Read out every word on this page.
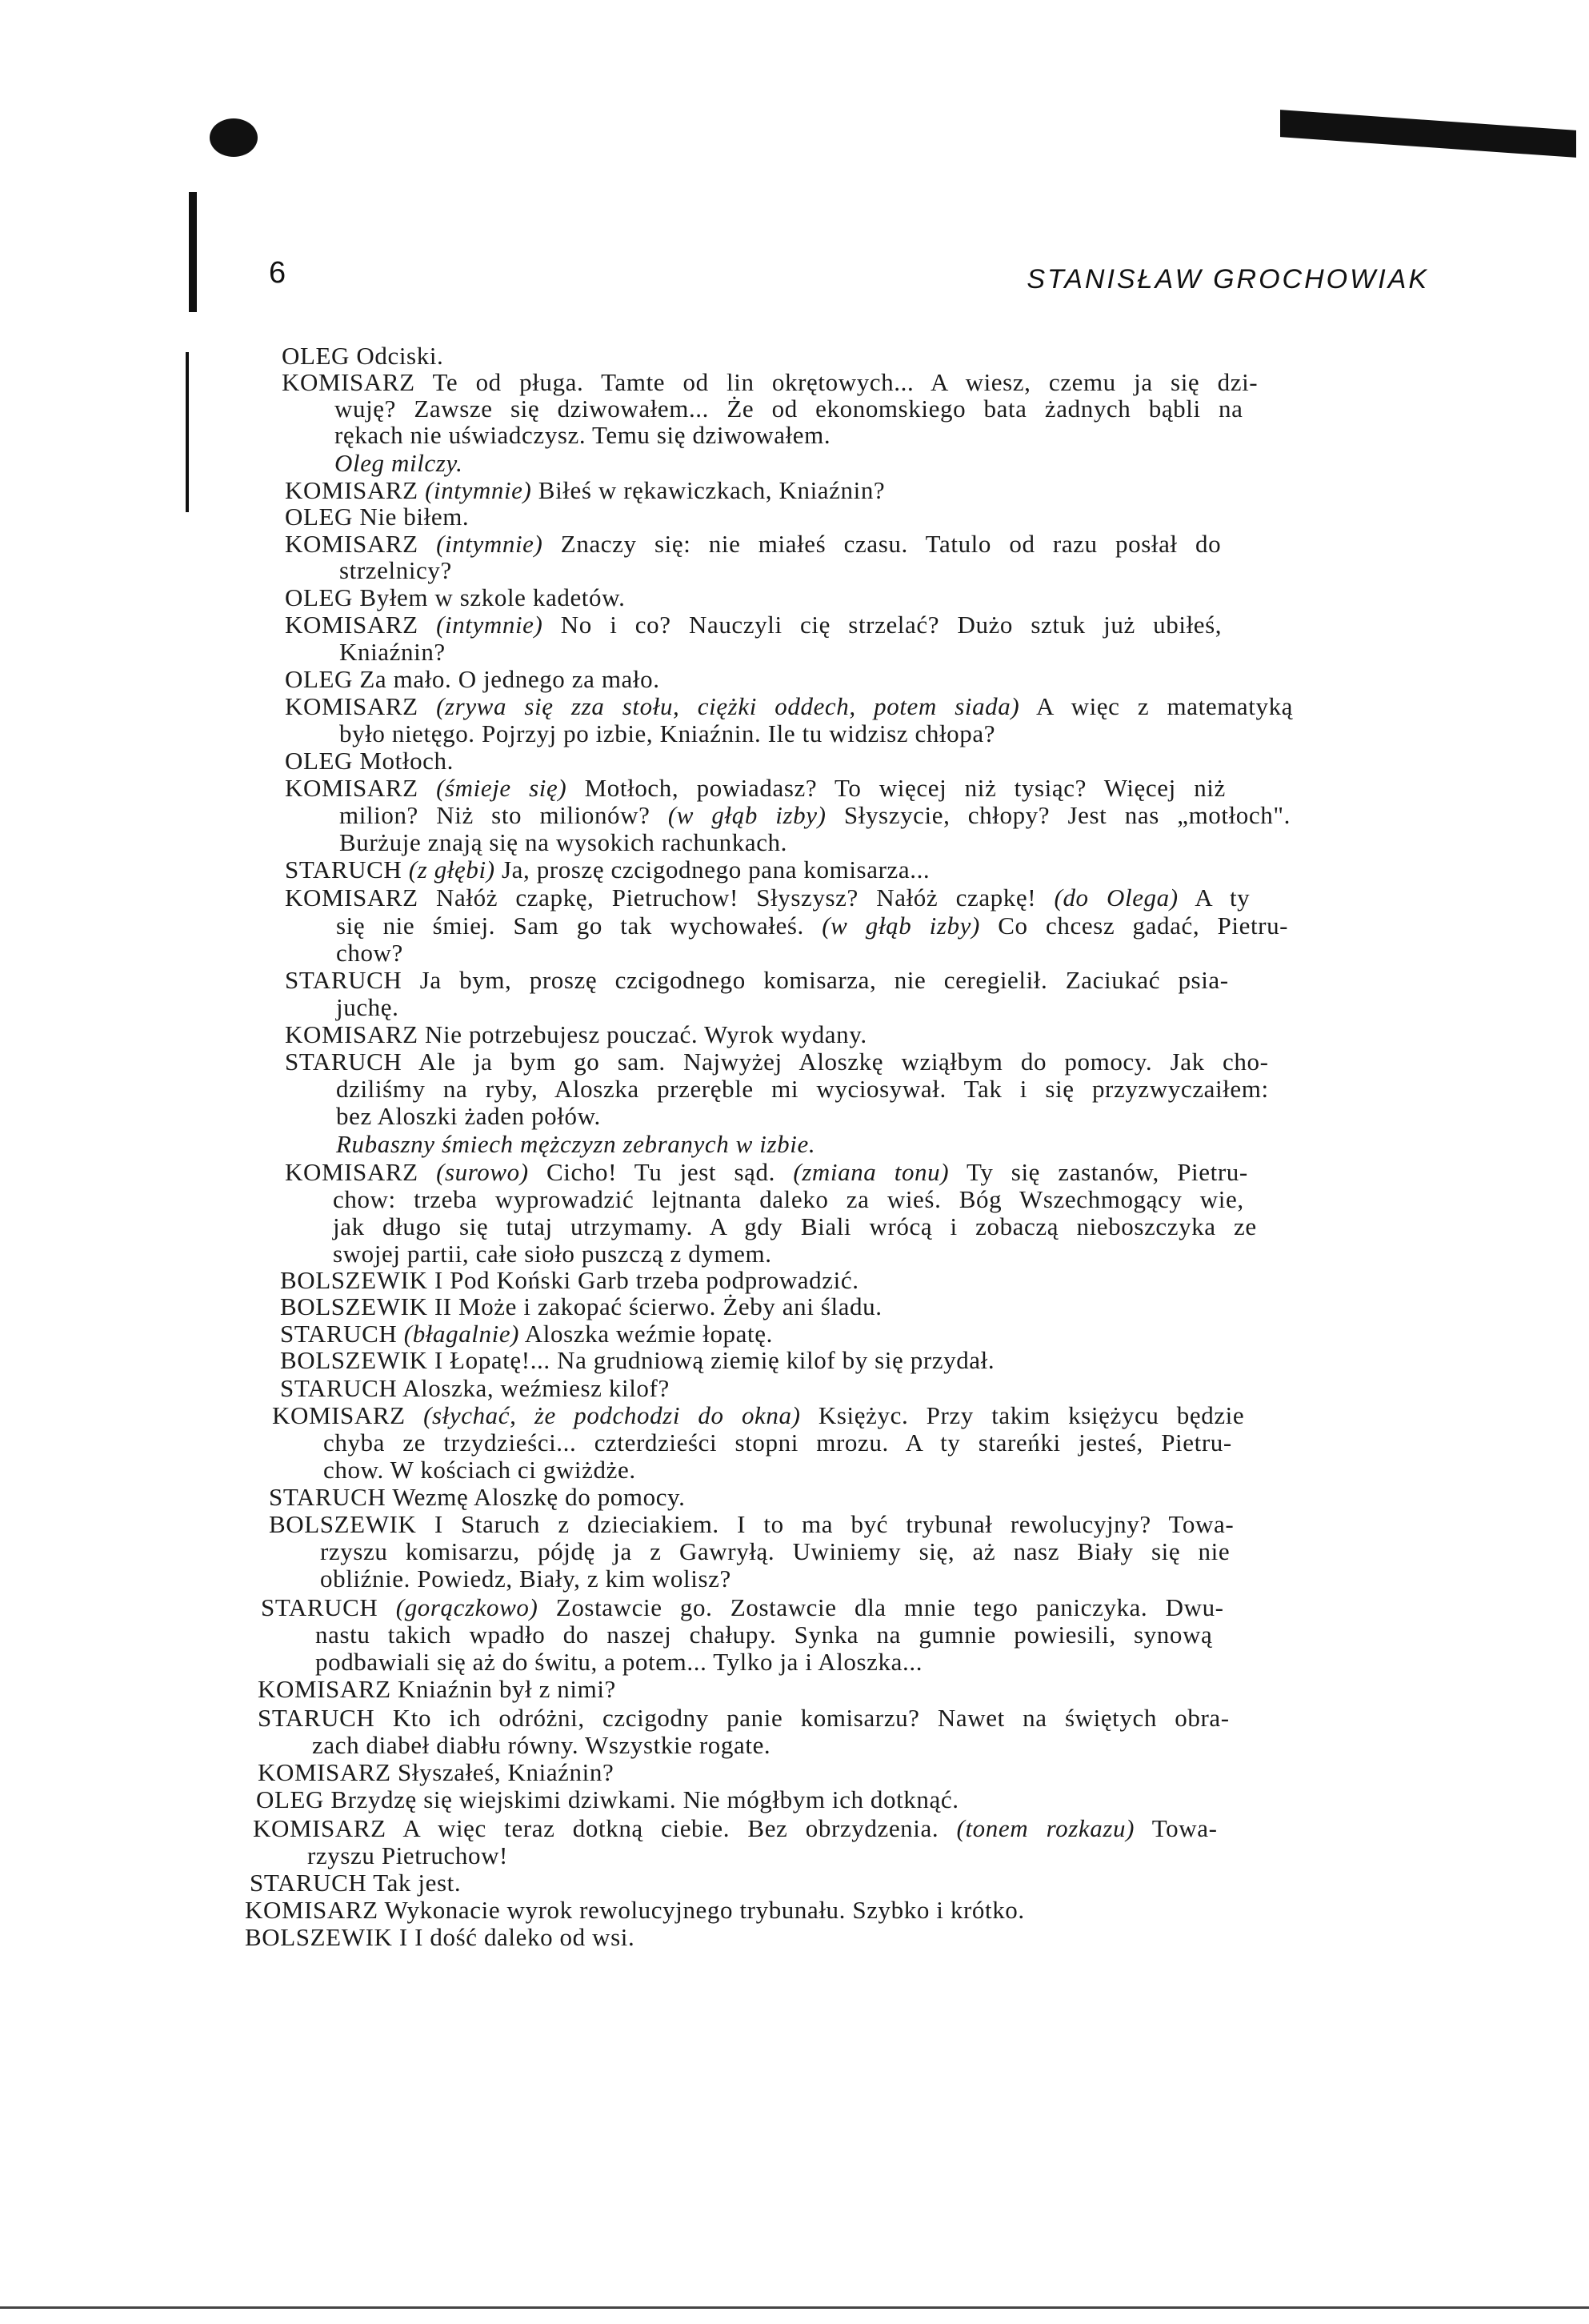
6	STANISŁAW GROCHOWIAK
OLEG Odciski.
KOMISARZ Te od pługa. Tamte od lin okrętowych... A wiesz, czemu ja się dzi-
wuję? Zawsze się dziwowałem... Że od ekonomskiego bata żadnych bąbli na
rękach nie uświadczysz. Temu się dziwowałem.
Oleg milczy.
KOMISARZ (intymnie) Biłeś w rękawiczkach, Kniaźnin?
OLEG Nie biłem.
KOMISARZ (intymnie) Znaczy się: nie miałeś czasu. Tatulo od razu posłał do
strzelnicy?
OLEG Byłem w szkole kadetów.
KOMISARZ (intymnie) No i co? Nauczyli cię strzelać? Dużo sztuk już ubiłeś,
Kniaźnin?
OLEG Za mało. O jednego za mało.
KOMISARZ (zrywa się zza stołu, ciężki oddech, potem siada) A więc z matematyką
było nietęgo. Pojrzyj po izbie, Kniaźnin. Ile tu widzisz chłopa?
OLEG Motłoch.
KOMISARZ (śmieje się) Motłoch, powiadasz? To więcej niż tysiąc? Więcej niż
milion? Niż sto milionów? (w głąb izby) Słyszycie, chłopy? Jest nas „motłoch".
Burżuje znają się na wysokich rachunkach.
STARUCH (z głębi) Ja, proszę czcigodnego pana komisarza...
KOMISARZ Nałóż czapkę, Pietruchow! Słyszysz? Nałóż czapkę! (do Olega) A ty
się nie śmiej. Sam go tak wychowałeś. (w głąb izby) Co chcesz gadać, Pietru-
chow?
STARUCH Ja bym, proszę czcigodnego komisarza, nie ceregielił. Zaciukać psia-
juchę.
KOMISARZ Nie potrzebujesz pouczać. Wyrok wydany.
STARUCH Ale ja bym go sam. Najwyżej Aloszkę wziąłbym do pomocy. Jak cho-
dziliśmy na ryby, Aloszka przeręble mi wyciosywał. Tak i się przyzwyczaiłem:
bez Aloszki żaden połów.
Rubaszny śmiech mężczyzn zebranych w izbie.
KOMISARZ (surowo) Cicho! Tu jest sąd. (zmiana tonu) Ty się zastanów, Pietru-
chow: trzeba wyprowadzić lejtnanta daleko za wieś. Bóg Wszechmogący wie,
jak długo się tutaj utrzymamy. A gdy Biali wrócą i zobaczą nieboszczyka ze
swojej partii, całe sioło puszczą z dymem.
BOLSZEWIK I Pod Koński Garb trzeba podprowadzić.
BOLSZEWIK II Może i zakopać ścierwo. Żeby ani śladu.
STARUCH (błagalnie) Aloszka weźmie łopatę.
BOLSZEWIK I Łopatę!... Na grudniową ziemię kilof by się przydał.
STARUCH Aloszka, weźmiesz kilof?
KOMISARZ (słychać, że podchodzi do okna) Księżyc. Przy takim księżycu będzie
chyba ze trzydzieści... czterdzieści stopni mrozu. A ty stareńki jesteś, Pietru-
chow. W kościach ci gwiżdże.
STARUCH Wezmę Aloszkę do pomocy.
BOLSZEWIK I Staruch z dzieciakiem. I to ma być trybunał rewolucyjny? Towa-
rzyszu komisarzu, pójdę ja z Gawryłą. Uwiniemy się, aż nasz Biały się nie
obliźnie. Powiedz, Biały, z kim wolisz?
STARUCH (gorączkowo) Zostawcie go. Zostawcie dla mnie tego paniczyka. Dwu-
nastu takich wpadło do naszej chałupy. Synka na gumnie powiesili, synową
podbawiali się aż do świtu, a potem... Tylko ja i Aloszka...
KOMISARZ Kniaźnin był z nimi?
STARUCH Kto ich odróżni, czcigodny panie komisarzu? Nawet na świętych obra-
zach diabeł diabłu równy. Wszystkie rogate.
KOMISARZ Słyszałeś, Kniaźnin?
OLEG Brzydzę się wiejskimi dziwkami. Nie mógłbym ich dotknąć.
KOMISARZ A więc teraz dotkną ciebie. Bez obrzydzenia. (tonem rozkazu) Towa-
rzyszu Pietruchow!
STARUCH Tak jest.
KOMISARZ Wykonacie wyrok rewolucyjnego trybunału. Szybko i krótko.
BOLSZEWIK I I dość daleko od wsi.
